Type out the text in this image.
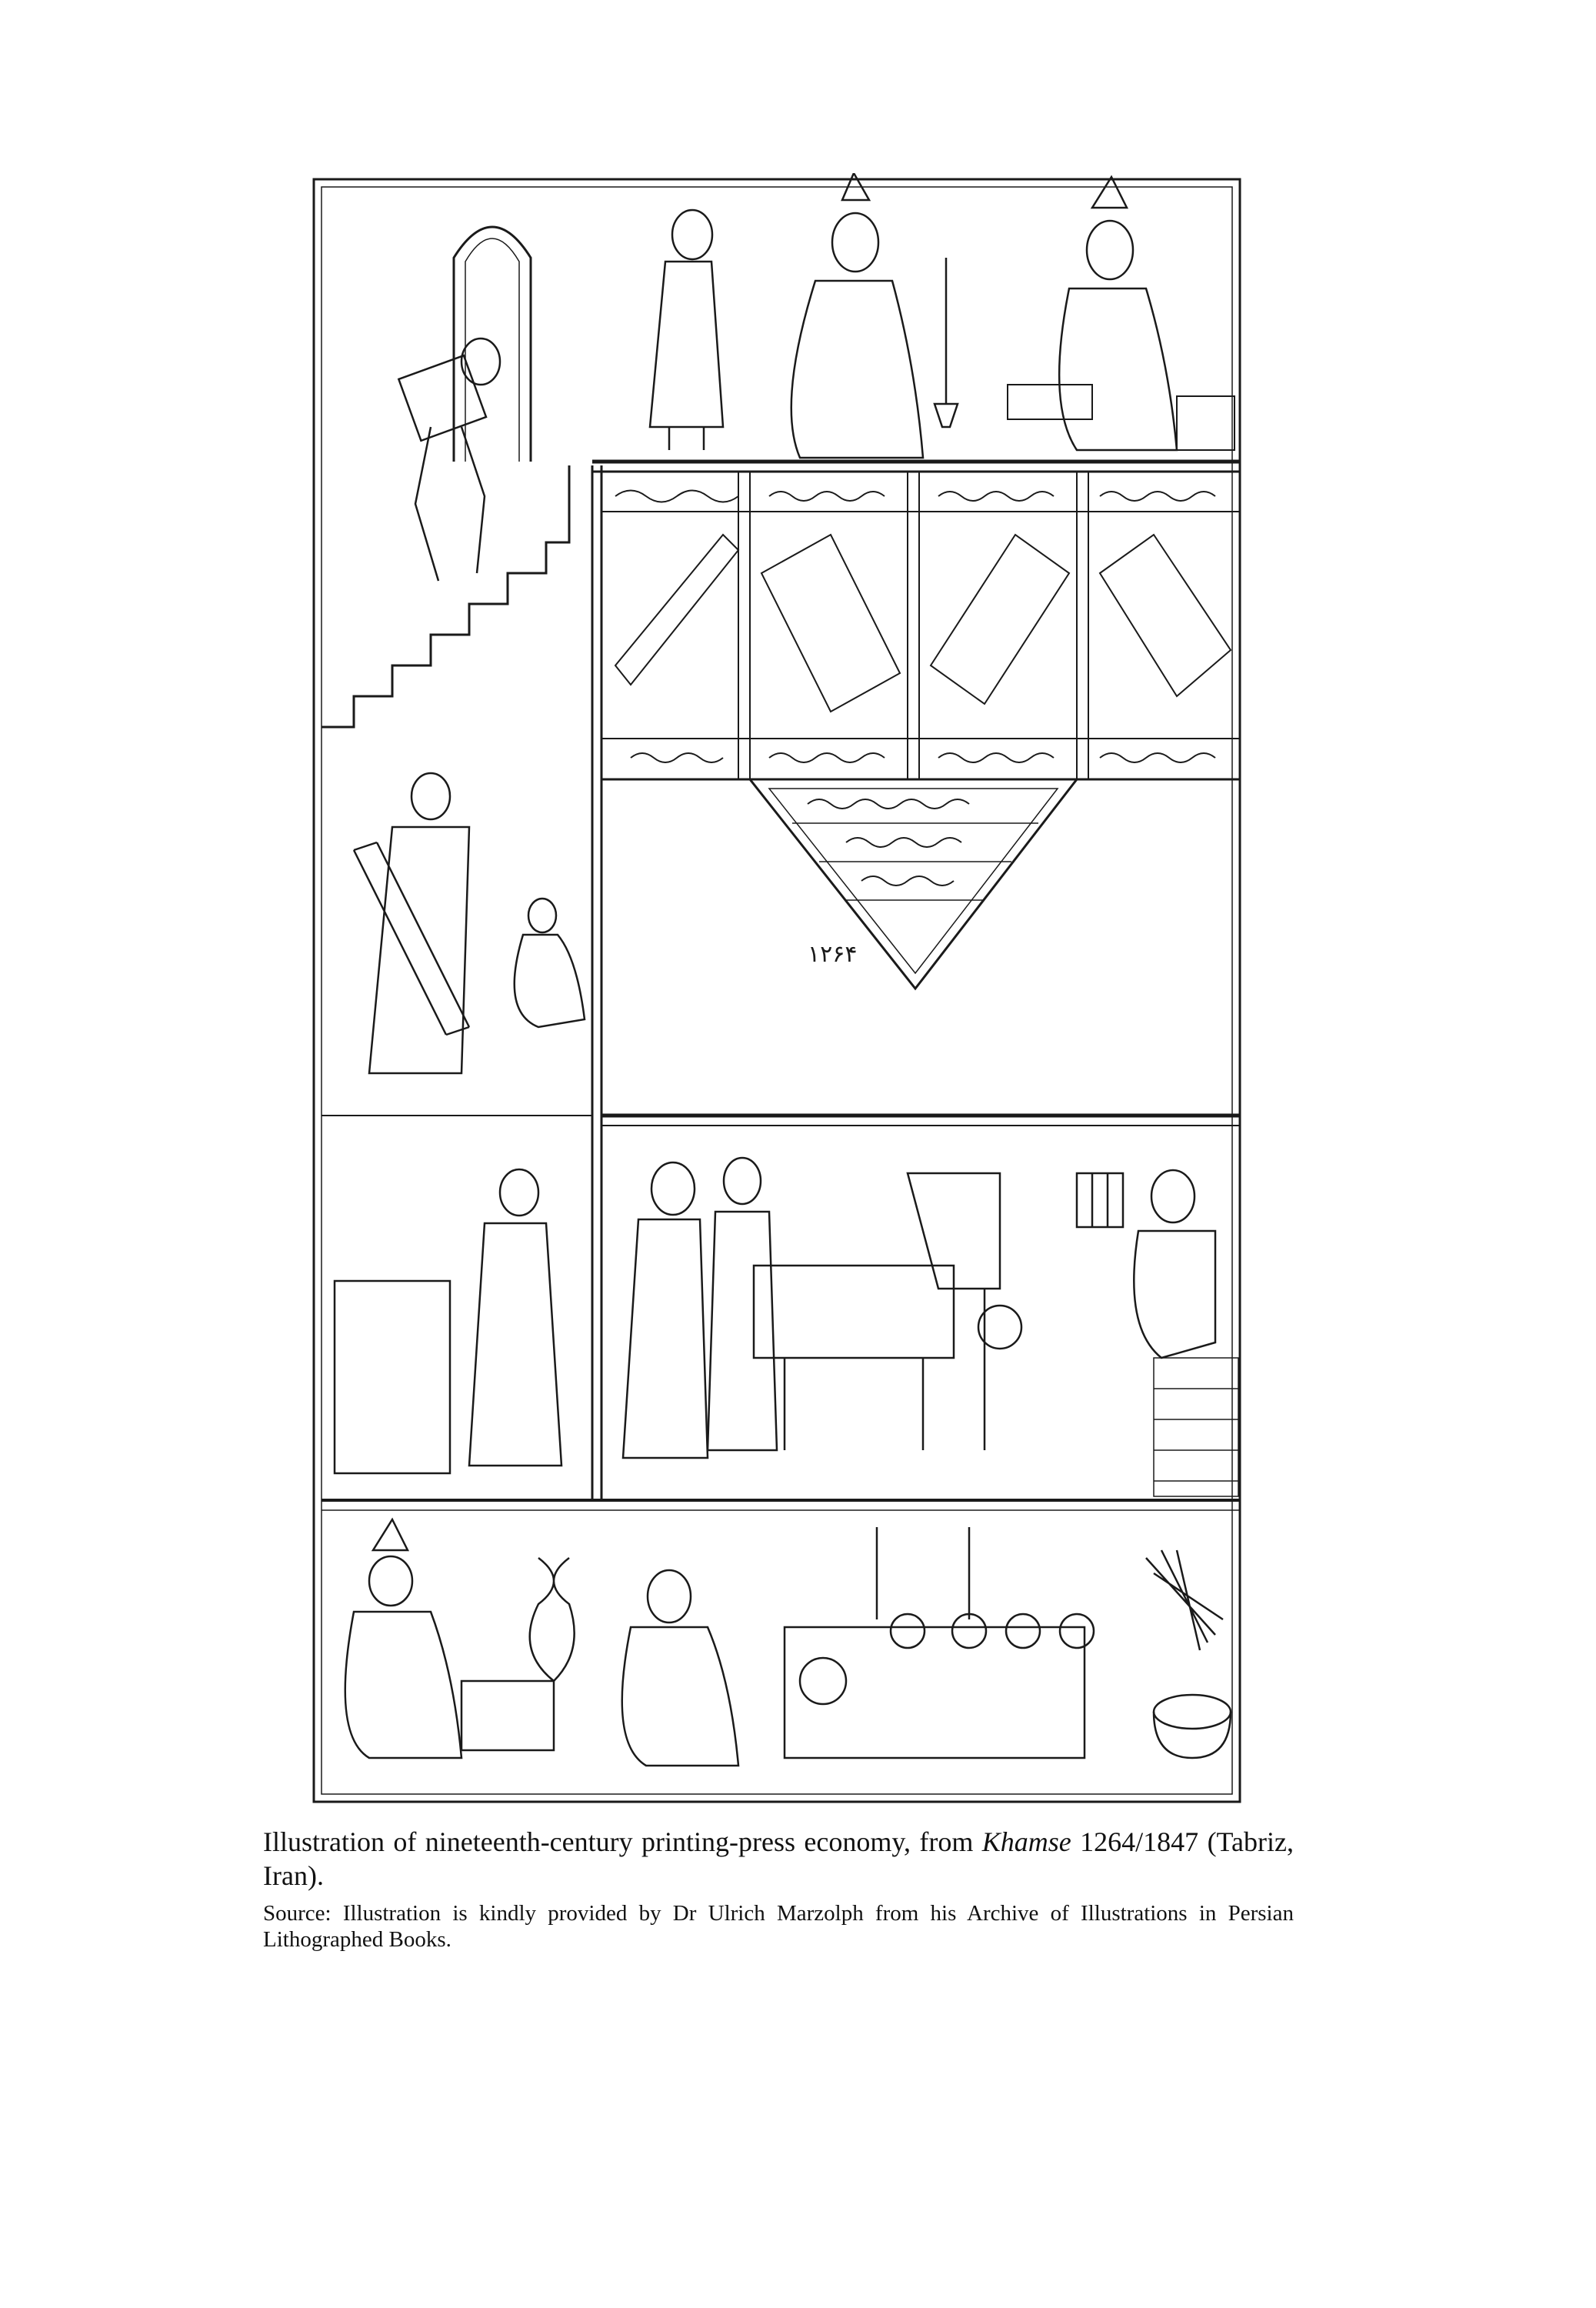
١٢۶۴
Illustration of nineteenth-century printing-press economy, from Khamse 1264/1847 (Tabriz, Iran).
Source: Illustration is kindly provided by Dr Ulrich Marzolph from his Archive of Illustrations in Persian Lithographed Books.
